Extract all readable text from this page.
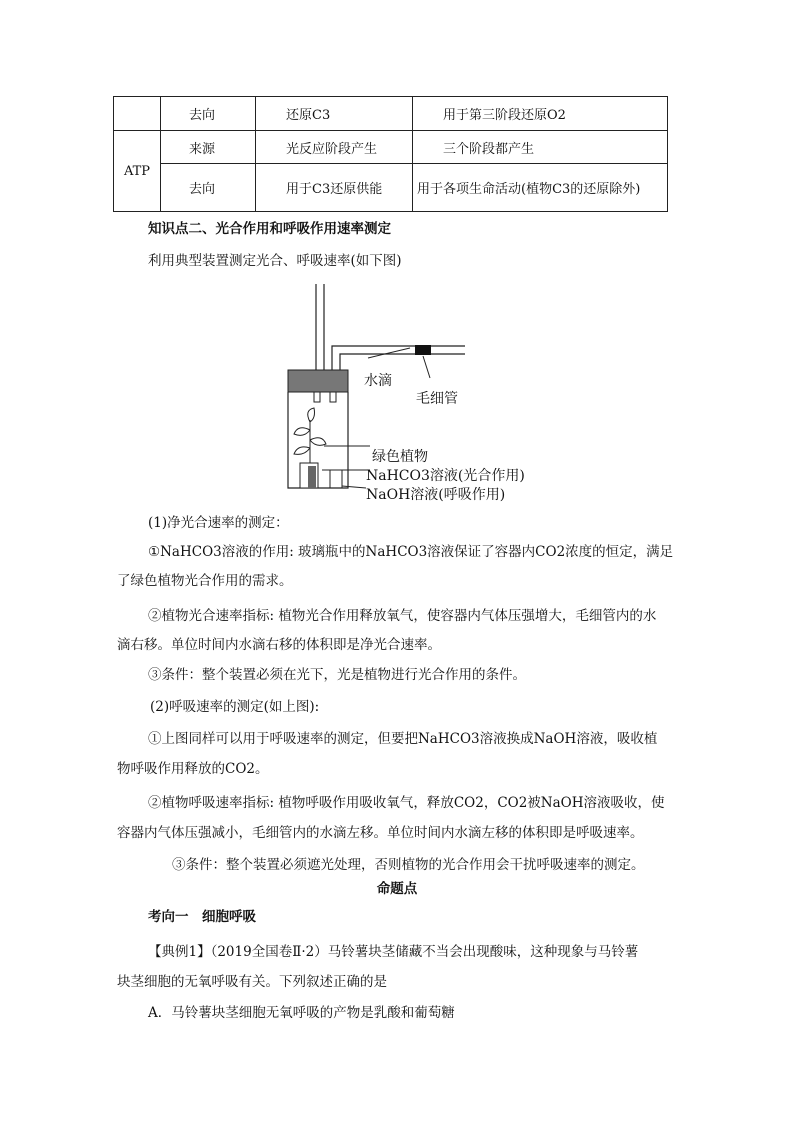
	去向	还原C3	用于第三阶段还原O2
ATP	来源	光反应阶段产生	三个阶段都产生
	去向	用于C3还原供能	用于各项生命活动(植物C3的还原除外)
知识点二、光合作用和呼吸作用速率测定
利用典型装置测定光合、呼吸速率(如下图)
水滴
毛细管
绿色植物
NaHCO3溶液(光合作用)
NaOH溶液(呼吸作用)
(1)净光合速率的测定：
①NaHCO3溶液的作用: 玻璃瓶中的NaHCO3溶液保证了容器内CO2浓度的恒定，满足
了绿色植物光合作用的需求。
②植物光合速率指标: 植物光合作用释放氧气，使容器内气体压强增大，毛细管内的水
滴右移。单位时间内水滴右移的体积即是净光合速率。
③条件：整个装置必须在光下，光是植物进行光合作用的条件。
(2)呼吸速率的测定(如上图):
①上图同样可以用于呼吸速率的测定，但要把NaHCO3溶液换成NaOH溶液，吸收植
物呼吸作用释放的CO2。
②植物呼吸速率指标: 植物呼吸作用吸收氧气，释放CO2，CO2被NaOH溶液吸收，使
容器内气体压强减小，毛细管内的水滴左移。单位时间内水滴左移的体积即是呼吸速率。
③条件：整个装置必须遮光处理，否则植物的光合作用会干扰呼吸速率的测定。
命题点
考向一　细胞呼吸
【典例1】（2019全国卷Ⅱ·2）马铃薯块茎储藏不当会出现酸味，这种现象与马铃薯
块茎细胞的无氧呼吸有关。下列叙述正确的是
A．马铃薯块茎细胞无氧呼吸的产物是乳酸和葡萄糖
